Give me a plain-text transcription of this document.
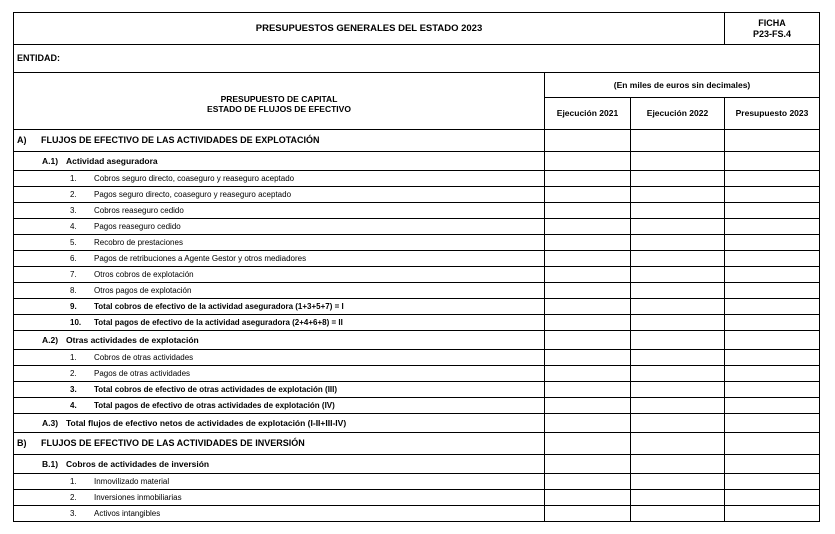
PRESUPUESTOS GENERALES DEL ESTADO 2023			FICHA
P23-FS.4

ENTIDAD:			

PRESUPUESTO DE CAPITAL
ESTADO DE FLUJOS DE EFECTIVO	(En miles de euros sin decimales)		
	Ejecución 2021	Ejecución 2022	Presupuesto 2023
A) FLUJOS DE EFECTIVO DE LAS ACTIVIDADES DE EXPLOTACIÓN			
A.1) Actividad aseguradora			
1. Cobros seguro directo, coaseguro y reaseguro aceptado			
2. Pagos seguro directo, coaseguro y reaseguro aceptado			
3. Cobros reaseguro cedido			
4. Pagos reaseguro cedido			
5. Recobro de prestaciones			
6. Pagos de retribuciones a Agente Gestor y otros mediadores			
7. Otros cobros de explotación			
8. Otros pagos de explotación			
9. Total cobros de efectivo de la actividad aseguradora (1+3+5+7) = I			
10. Total pagos de efectivo de la actividad aseguradora (2+4+6+8) = II			
A.2) Otras actividades de explotación			
1. Cobros de otras actividades			
2. Pagos de otras actividades			
3. Total cobros de efectivo de otras actividades de explotación (III)			
4. Total pagos de efectivo de otras actividades de explotación (IV)			
A.3) Total flujos de efectivo netos de actividades de explotación (I-II+III-IV)			
B) FLUJOS DE EFECTIVO DE LAS ACTIVIDADES DE INVERSIÓN			
B.1) Cobros de actividades de inversión			
1. Inmovilizado material			
2. Inversiones inmobiliarias			
3. Activos intangibles			
